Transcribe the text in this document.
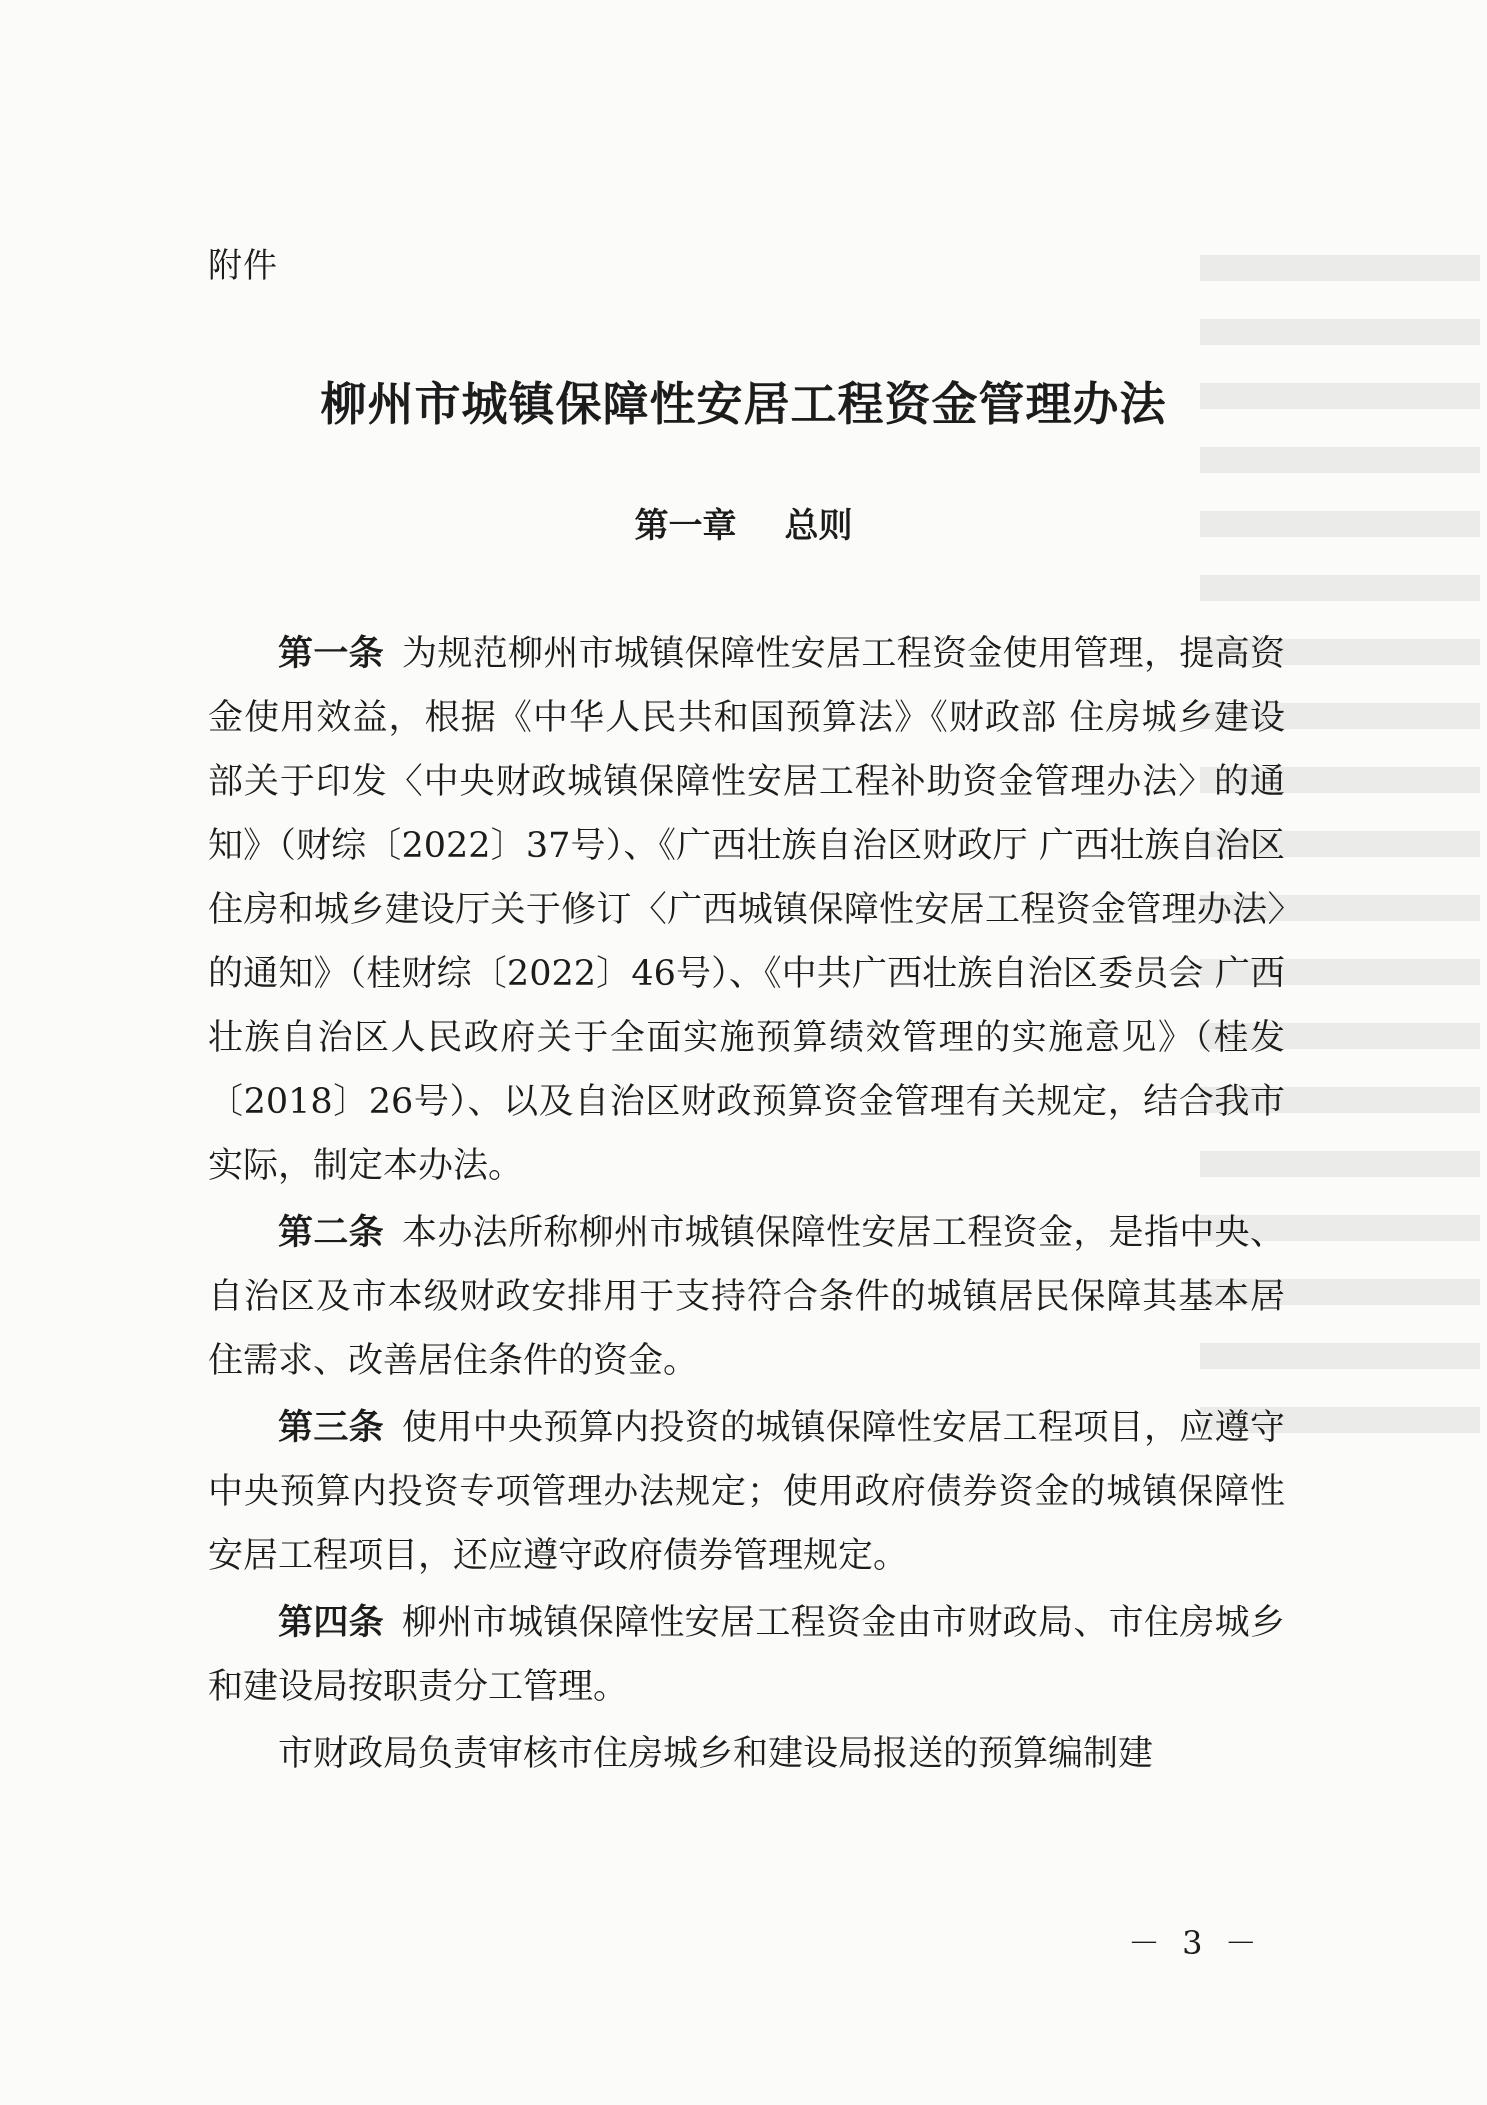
附件
柳州市城镇保障性安居工程资金管理办法
第一章 总则

第一条 为规范柳州市城镇保障性安居工程资金使用管理，提高资金使用效益，根据《中华人民共和国预算法》《财政部 住房城乡建设部关于印发〈中央财政城镇保障性安居工程补助资金管理办法〉的通知》（财综〔2022〕37号）、《广西壮族自治区财政厅 广西壮族自治区住房和城乡建设厅关于修订〈广西城镇保障性安居工程资金管理办法〉的通知》（桂财综〔2022〕46号）、《中共广西壮族自治区委员会 广西壮族自治区人民政府关于全面实施预算绩效管理的实施意见》（桂发〔2018〕26号）、以及自治区财政预算资金管理有关规定，结合我市实际，制定本办法。

第二条 本办法所称柳州市城镇保障性安居工程资金，是指中央、自治区及市本级财政安排用于支持符合条件的城镇居民保障其基本居住需求、改善居住条件的资金。

第三条 使用中央预算内投资的城镇保障性安居工程项目，应遵守中央预算内投资专项管理办法规定；使用政府债券资金的城镇保障性安居工程项目，还应遵守政府债券管理规定。

第四条 柳州市城镇保障性安居工程资金由市财政局、市住房城乡和建设局按职责分工管理。

市财政局负责审核市住房城乡和建设局报送的预算编制建

－ 3 －
